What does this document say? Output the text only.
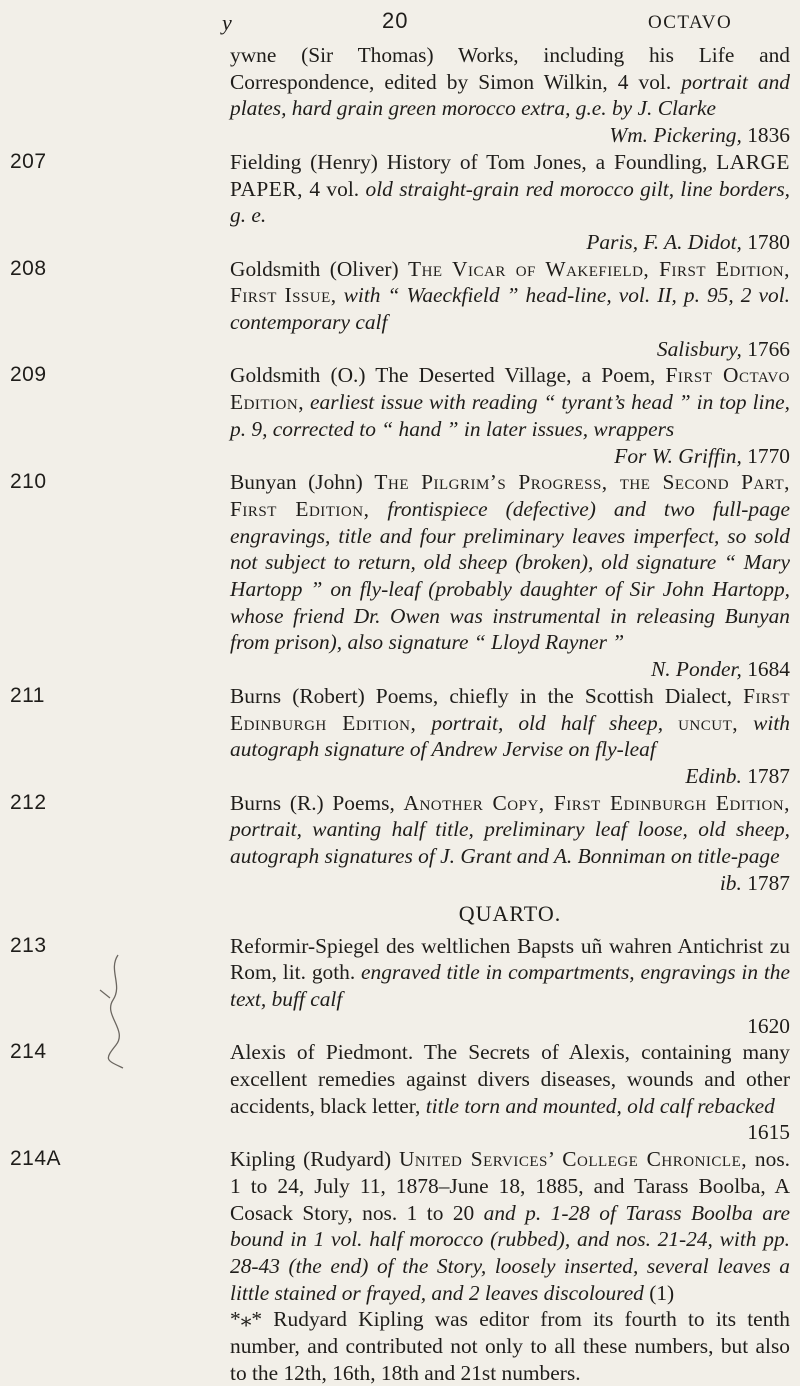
y	20	OCTAVO

ywne (Sir Thomas) Works, including his Life and Correspondence, edited by Simon Wilkin, 4 vol. portrait and plates, hard grain green morocco extra, g.e. by J. Clarke

Wm. Pickering, 1836

207	Fielding (Henry) History of Tom Jones, a Foundling, LARGE PAPER, 4 vol. old straight-grain red morocco gilt, line borders, g. e.

Paris, F. A. Didot, 1780

208	Goldsmith (Oliver) The Vicar of Wakefield, First Edition, First Issue, with “ Waeckfield ” head-line, vol. II, p. 95, 2 vol. contemporary calf

Salisbury, 1766

209	Goldsmith (O.) The Deserted Village, a Poem, First Octavo Edition, earliest issue with reading “ tyrant’s head ” in top line, p. 9, corrected to “ hand ” in later issues, wrappers

For W. Griffin, 1770

210	Bunyan (John) The Pilgrim’s Progress, the Second Part, First Edition, frontispiece (defective) and two full-page engravings, title and four preliminary leaves imperfect, so sold not subject to return, old sheep (broken), old signature “ Mary Hartopp ” on fly-leaf (probably daughter of Sir John Hartopp, whose friend Dr. Owen was instrumental in releasing Bunyan from prison), also signature “ Lloyd Rayner ”

N. Ponder, 1684

211	Burns (Robert) Poems, chiefly in the Scottish Dialect, First Edinburgh Edition, portrait, old half sheep, uncut, with autograph signature of Andrew Jervise on fly-leaf

Edinb. 1787

212	Burns (R.) Poems, Another Copy, First Edinburgh Edition, portrait, wanting half title, preliminary leaf loose, old sheep, autograph signatures of J. Grant and A. Bonniman on title-page

ib. 1787

QUARTO.
213	Reformir-Spiegel des weltlichen Bapsts uñ wahren Antichrist zu Rom, lit. goth. engraved title in compartments, engravings in the text, buff calf

1620

214	Alexis of Piedmont. The Secrets of Alexis, containing many excellent remedies against divers diseases, wounds and other accidents, black letter, title torn and mounted, old calf rebacked

1615

214A	Kipling (Rudyard) United Services’ College Chronicle, nos. 1 to 24, July 11, 1878–June 18, 1885, and Tarass Boolba, A Cosack Story, nos. 1 to 20 and p. 1-28 of Tarass Boolba are bound in 1 vol. half morocco (rubbed), and nos. 21-24, with pp. 28-43 (the end) of the Story, loosely inserted, several leaves a little stained or frayed, and 2 leaves discoloured (1)

*⁎* Rudyard Kipling was editor from its fourth to its tenth number, and contributed not only to all these numbers, but also to the 12th, 16th, 18th and 21st numbers.
